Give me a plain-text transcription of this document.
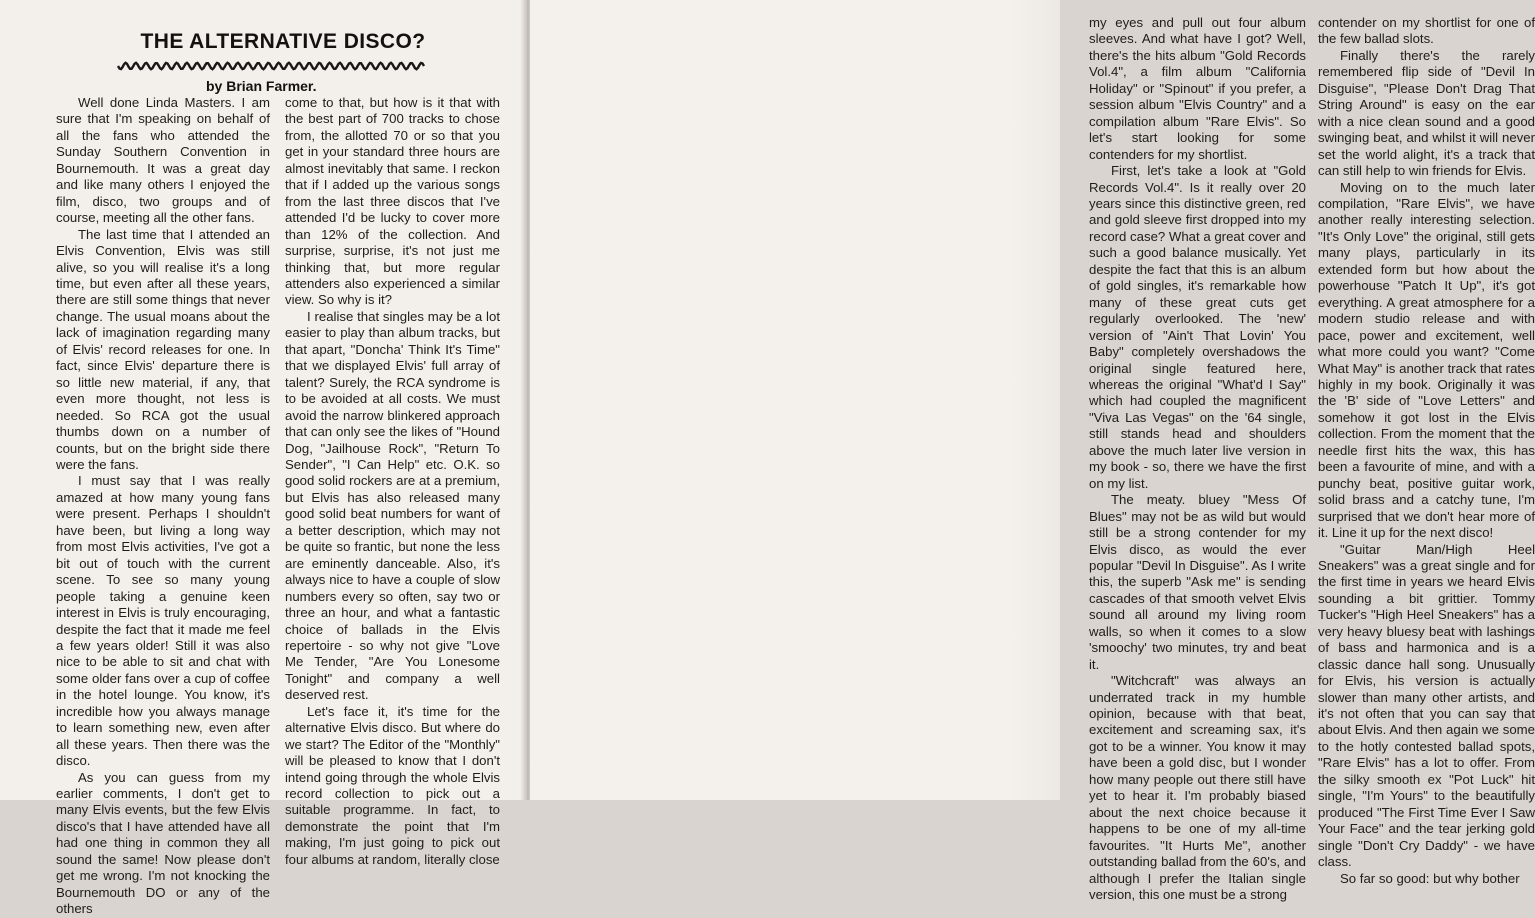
THE ALTERNATIVE DISCO?
by Brian Farmer.

Well done Linda Masters. I am sure that I'm speaking on behalf of all the fans who attended the Sunday Southern Convention in Bournemouth. It was a great day and like many others I enjoyed the film, disco, two groups and of course, meeting all the other fans.

The last time that I attended an Elvis Convention, Elvis was still alive, so you will realise it's a long time, but even after all these years, there are still some things that never change. The usual moans about the lack of imagination regarding many of Elvis' record releases for one. In fact, since Elvis' departure there is so little new material, if any, that even more thought, not less is needed. So RCA got the usual thumbs down on a number of counts, but on the bright side there were the fans.

I must say that I was really amazed at how many young fans were present. Perhaps I shouldn't have been, but living a long way from most Elvis activities, I've got a bit out of touch with the current scene. To see so many young people taking a genuine keen interest in Elvis is truly encouraging, despite the fact that it made me feel a few years older! Still it was also nice to be able to sit and chat with some older fans over a cup of coffee in the hotel lounge. You know, it's incredible how you always manage to learn something new, even after all these years. Then there was the disco.

As you can guess from my earlier comments, I don't get to many Elvis events, but the few Elvis disco's that I have attended have all had one thing in common they all sound the same! Now please don't get me wrong. I'm not knocking the Bournemouth DO or any of the others

come to that, but how is it that with the best part of 700 tracks to chose from, the allotted 70 or so that you get in your standard three hours are almost inevitably that same. I reckon that if I added up the various songs from the last three discos that I've attended I'd be lucky to cover more than 12% of the collection. And surprise, surprise, it's not just me thinking that, but more regular attenders also experienced a similar view. So why is it?

I realise that singles may be a lot easier to play than album tracks, but that apart, "Doncha' Think It's Time" that we displayed Elvis' full array of talent? Surely, the RCA syndrome is to be avoided at all costs. We must avoid the narrow blinkered approach that can only see the likes of "Hound Dog, "Jailhouse Rock", "Return To Sender", "I Can Help" etc. O.K. so good solid rockers are at a premium, but Elvis has also released many good solid beat numbers for want of a better description, which may not be quite so frantic, but none the less are eminently danceable. Also, it's always nice to have a couple of slow numbers every so often, say two or three an hour, and what a fantastic choice of ballads in the Elvis repertoire - so why not give "Love Me Tender, "Are You Lonesome Tonight" and company a well deserved rest.

Let's face it, it's time for the alternative Elvis disco. But where do we start? The Editor of the "Monthly" will be pleased to know that I don't intend going through the whole Elvis record collection to pick out a suitable programme. In fact, to demonstrate the point that I'm making, I'm just going to pick out four albums at random, literally close

my eyes and pull out four album sleeves. And what have I got? Well, there's the hits album "Gold Records Vol.4", a film album "California Holiday" or "Spinout" if you prefer, a session album "Elvis Country" and a compilation album "Rare Elvis". So let's start looking for some contenders for my shortlist.

First, let's take a look at "Gold Records Vol.4". Is it really over 20 years since this distinctive green, red and gold sleeve first dropped into my record case? What a great cover and such a good balance musically. Yet despite the fact that this is an album of gold singles, it's remarkable how many of these great cuts get regularly overlooked. The 'new' version of "Ain't That Lovin' You Baby" completely overshadows the original single featured here, whereas the original "What'd I Say" which had coupled the magnificent "Viva Las Vegas" on the '64 single, still stands head and shoulders above the much later live version in my book - so, there we have the first on my list.

The meaty. bluey "Mess Of Blues" may not be as wild but would still be a strong contender for my Elvis disco, as would the ever popular "Devil In Disguise". As I write this, the superb "Ask me" is sending cascades of that smooth velvet Elvis sound all around my living room walls, so when it comes to a slow 'smoochy' two minutes, try and beat it.

"Witchcraft" was always an underrated track in my humble opinion, because with that beat, excitement and screaming sax, it's got to be a winner. You know it may have been a gold disc, but I wonder how many people out there still have yet to hear it. I'm probably biased about the next choice because it happens to be one of my all-time favourites. "It Hurts Me", another outstanding ballad from the 60's, and although I prefer the Italian single version, this one must be a strong

contender on my shortlist for one of the few ballad slots.

Finally there's the rarely remembered flip side of "Devil In Disguise", "Please Don't Drag That String Around" is easy on the ear with a nice clean sound and a good swinging beat, and whilst it will never set the world alight, it's a track that can still help to win friends for Elvis.

Moving on to the much later compilation, "Rare Elvis", we have another really interesting selection. "It's Only Love" the original, still gets many plays, particularly in its extended form but how about the powerhouse "Patch It Up", it's got everything. A great atmosphere for a modern studio release and with pace, power and excitement, well what more could you want? "Come What May" is another track that rates highly in my book. Originally it was the 'B' side of "Love Letters" and somehow it got lost in the Elvis collection. From the moment that the needle first hits the wax, this has been a favourite of mine, and with a punchy beat, positive guitar work, solid brass and a catchy tune, I'm surprised that we don't hear more of it. Line it up for the next disco!

"Guitar Man/High Heel Sneakers" was a great single and for the first time in years we heard Elvis sounding a bit grittier. Tommy Tucker's "High Heel Sneakers" has a very heavy bluesy beat with lashings of bass and harmonica and is a classic dance hall song. Unusually for Elvis, his version is actually slower than many other artists, and it's not often that you can say that about Elvis. And then again we some to the hotly contested ballad spots, "Rare Elvis" has a lot to offer. From the silky smooth ex "Pot Luck" hit single, "I'm Yours" to the beautifully produced "The First Time Ever I Saw Your Face" and the tear jerking gold single "Don't Cry Daddy" - we have class.

So far so good: but why bother
